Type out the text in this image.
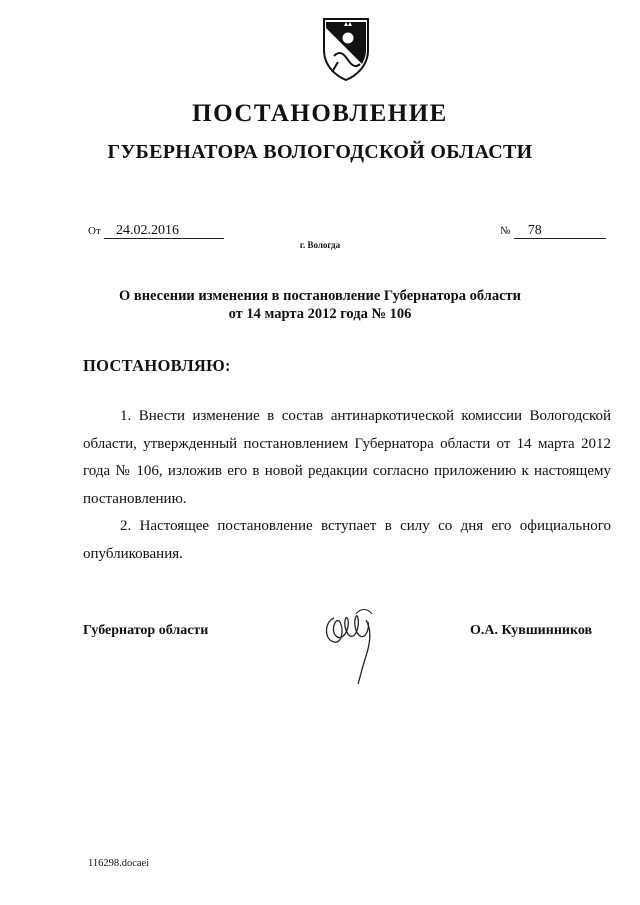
ПОСТАНОВЛЕНИЕ
ГУБЕРНАТОРА ВОЛОГОДСКОЙ ОБЛАСТИ
От 24.02.2016	№ 78
г. Вологда
О внесении изменения в постановление Губернатора области
от 14 марта 2012 года № 106
ПОСТАНОВЛЯЮ:

1. Внести изменение в состав антинаркотической комиссии Вологодской области, утвержденный постановлением Губернатора области от 14 марта 2012 года № 106, изложив его в новой редакции согласно приложению к настоящему постановлению.

2. Настоящее постановление вступает в силу со дня его официального опубликования.

Губернатор области	О.А. Кувшинников
116298.docaei
